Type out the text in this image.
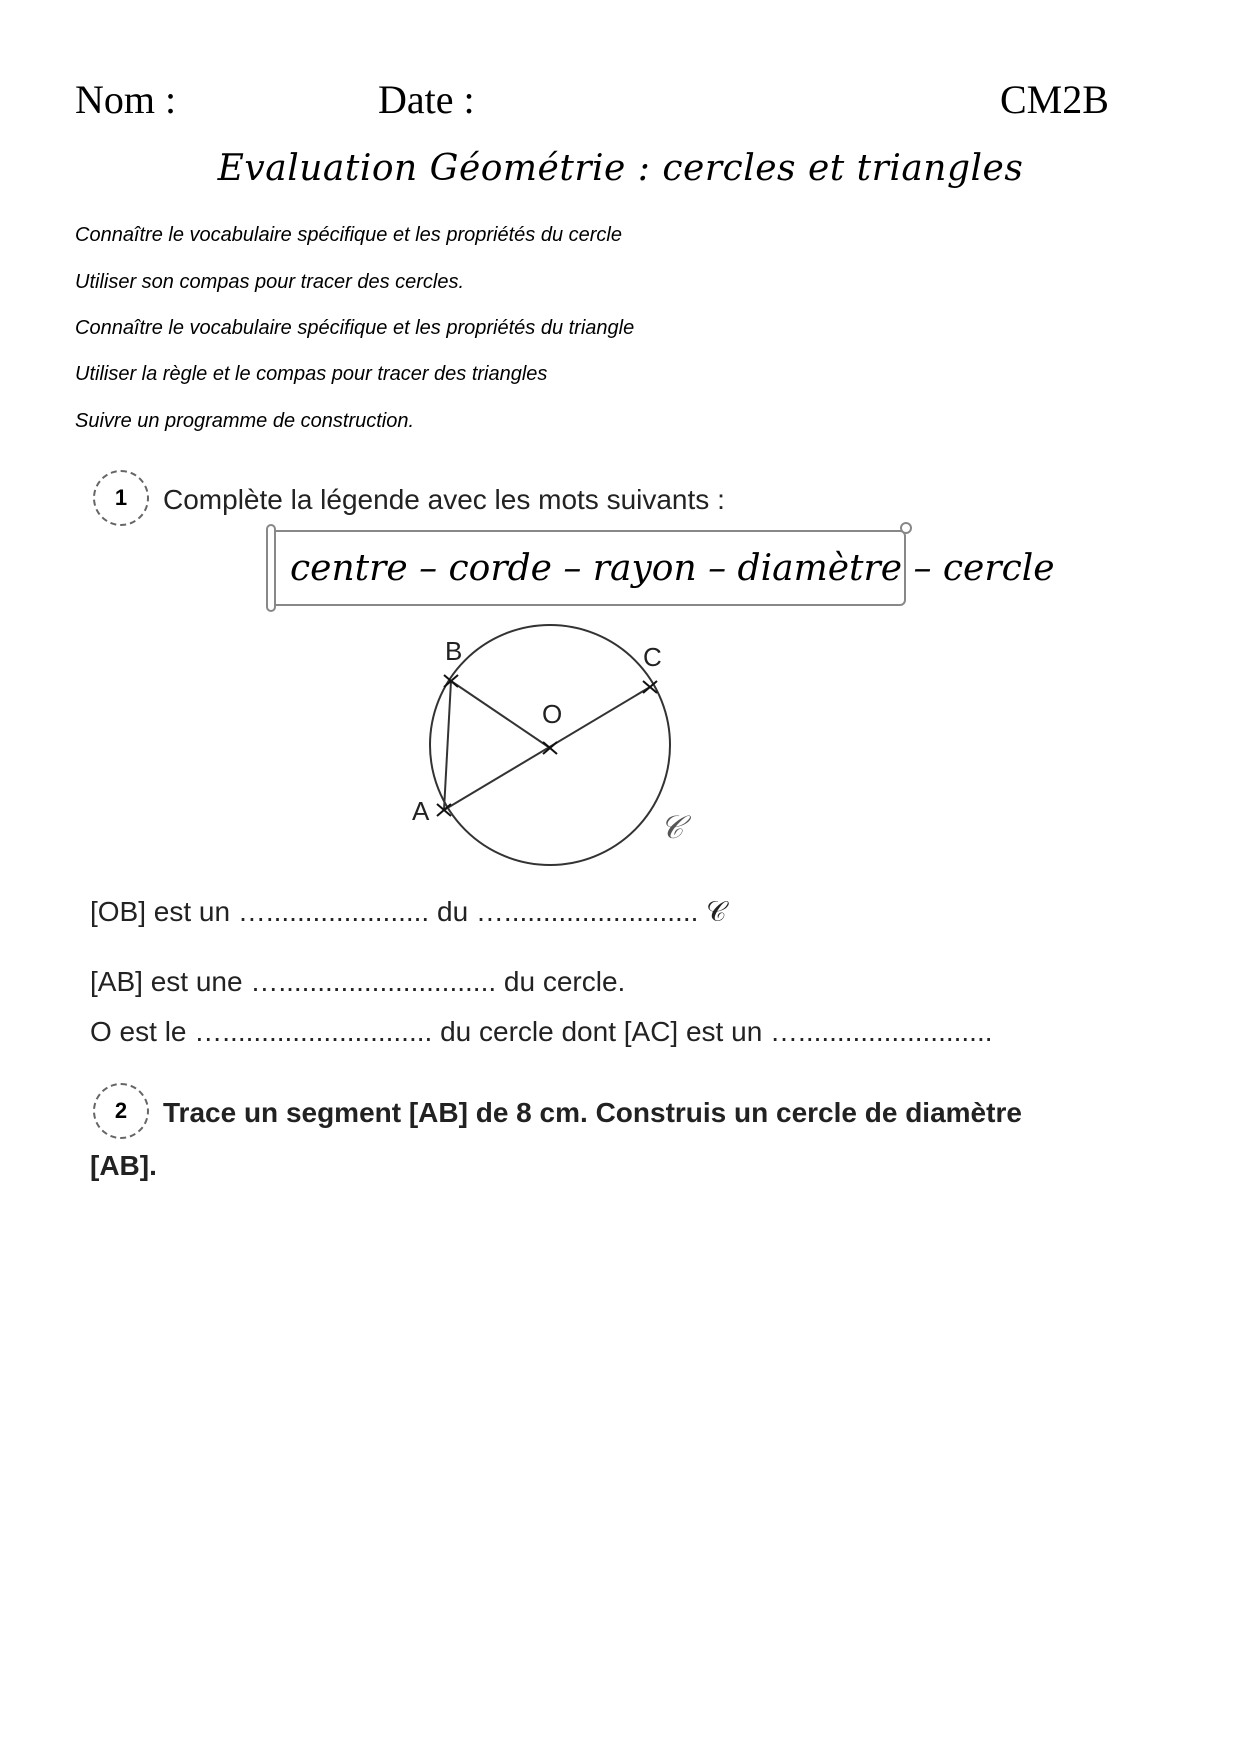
Nom :	Date :	CM2B
Evaluation Géométrie : cercles et triangles
Connaître le vocabulaire spécifique et les propriétés du cercle
Utiliser son compas pour tracer des cercles.
Connaître le vocabulaire spécifique et les propriétés du triangle
Utiliser la règle et le compas pour tracer des triangles
Suivre un programme de construction.
1	Complète la légende avec les mots suivants :
centre – corde – rayon – diamètre – cercle
B	C
O
A	𝒞
[OB] est un …..................... du …......................... 𝒞
[AB] est une …............................ du cercle.
O est le …........................... du cercle dont [AC] est un ….........................
2	Trace un segment [AB] de 8 cm. Construis un cercle de diamètre
[AB].
